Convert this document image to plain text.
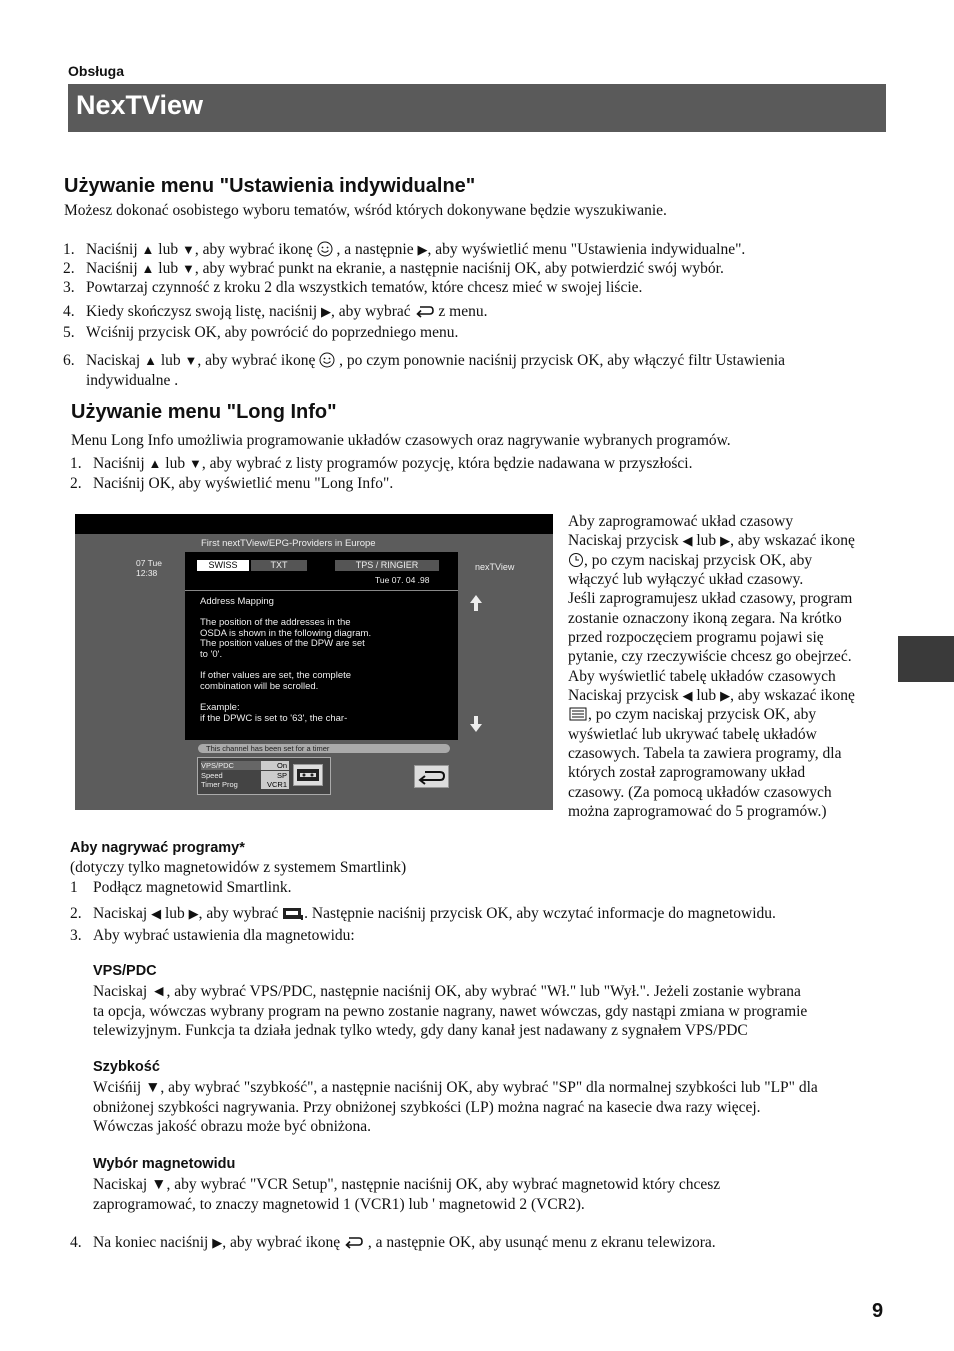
Obsługa
NexTView
Używanie menu "Ustawienia indywidualne"
Możesz dokonać osobistego wyboru tematów, wśród których dokonywane będzie wyszukiwanie.
1. Naciśnij ▲ lub ▼, aby wybrać ikonę , a następnie ▶, aby wyświetlić menu "Ustawienia indywidualne".
2. Naciśnij ▲ lub ▼, aby wybrać punkt na ekranie, a następnie naciśnij OK, aby potwierdzić swój wybór.
3. Powtarzaj czynność z kroku 2 dla wszystkich tematów, które chcesz mieć w swojej liście.
4. Kiedy skończysz swoją listę, naciśnij ▶, aby wybrać z menu.
5. Wciśnij przycisk OK, aby powrócić do poprzedniego menu.
6. Naciskaj ▲ lub ▼, aby wybrać ikonę , po czym ponownie naciśnij przycisk OK, aby włączyć filtr Ustawienia
indywidualne .
Używanie menu "Long Info"
Menu Long Info umożliwia programowanie układów czasowych oraz nagrywanie wybranych programów.
1. Naciśnij ▲ lub ▼, aby wybrać z listy programów pozycję, która będzie nadawana w przyszłości.
2. Naciśnij OK, aby wyświetlić menu "Long Info".
First nextTView/EPG-Providers in Europe
07 Tue
12:38
SWISS	TXT	TPS / RINGIER
Tue 07. 04 .98
nexTView
Address Mapping
The position of the addresses in the
OSDA is shown in the following diagram.
The position values of the DPW are set
to '0'.
If other values are set, the complete
combination will be scrolled.
Example:
if the DPWC is set to '63', the char-
This channel has been set for a timer
VPS/PDC	On
Speed	SP
Timer Prog	VCR1
Aby zaprogramować układ czasowy
Naciskaj przycisk ◀ lub ▶, aby wskazać ikonę
, po czym naciskaj przycisk OK, aby
włączyć lub wyłączyć układ czasowy.
Jeśli zaprogramujesz układ czasowy, program
zostanie oznaczony ikoną zegara. Na krótko
przed rozpoczęciem programu pojawi się
pytanie, czy rzeczywiście chcesz go obejrzeć.
Aby wyświetlić tabelę układów czasowych
Naciskaj przycisk ◀ lub ▶, aby wskazać ikonę
, po czym naciskaj przycisk OK, aby
wyświetlać lub ukrywać tabelę układów
czasowych. Tabela ta zawiera programy, dla
których został zaprogramowany układ
czasowy. (Za pomocą układów czasowych
można zaprogramować do 5 programów.)
Aby nagrywać programy*
(dotyczy tylko magnetowidów z systemem Smartlink)
1 Podłącz magnetowid Smartlink.
2. Naciskaj ◀ lub ▶, aby wybrać . Następnie naciśnij przycisk OK, aby wczytać informacje do magnetowidu.
3. Aby wybrać ustawienia dla magnetowidu:
VPS/PDC
Naciskaj ◄, aby wybrać VPS/PDC, następnie naciśnij OK, aby wybrać "Wł." lub "Wył.". Jeżeli zostanie wybrana
ta opcja, wówczas wybrany program na pewno zostanie nagrany, nawet wówczas, gdy nastąpi zmiana w programie
telewizyjnym. Funkcja ta działa jednak tylko wtedy, gdy dany kanał jest nadawany z sygnałem VPS/PDC
Szybkość
Wciśńij ▼, aby wybrać "szybkość", a następnie naciśnij OK, aby wybrać "SP" dla normalnej szybkości lub "LP" dla
obniżonej szybkości nagrywania. Przy obniżonej szybkości (LP) można nagrać na kasecie dwa razy więcej.
Wówczas jakość obrazu może być obniżona.
Wybór magnetowidu
Naciskaj ▼, aby wybrać "VCR Setup", następnie naciśnij OK, aby wybrać magnetowid który chcesz
zaprogramować, to znaczy magnetowid 1 (VCR1) lub ' magnetowid 2 (VCR2).
4. Na koniec naciśnij ▶, aby wybrać ikonę , a następnie OK, aby usunąć menu z ekranu telewizora.
9
